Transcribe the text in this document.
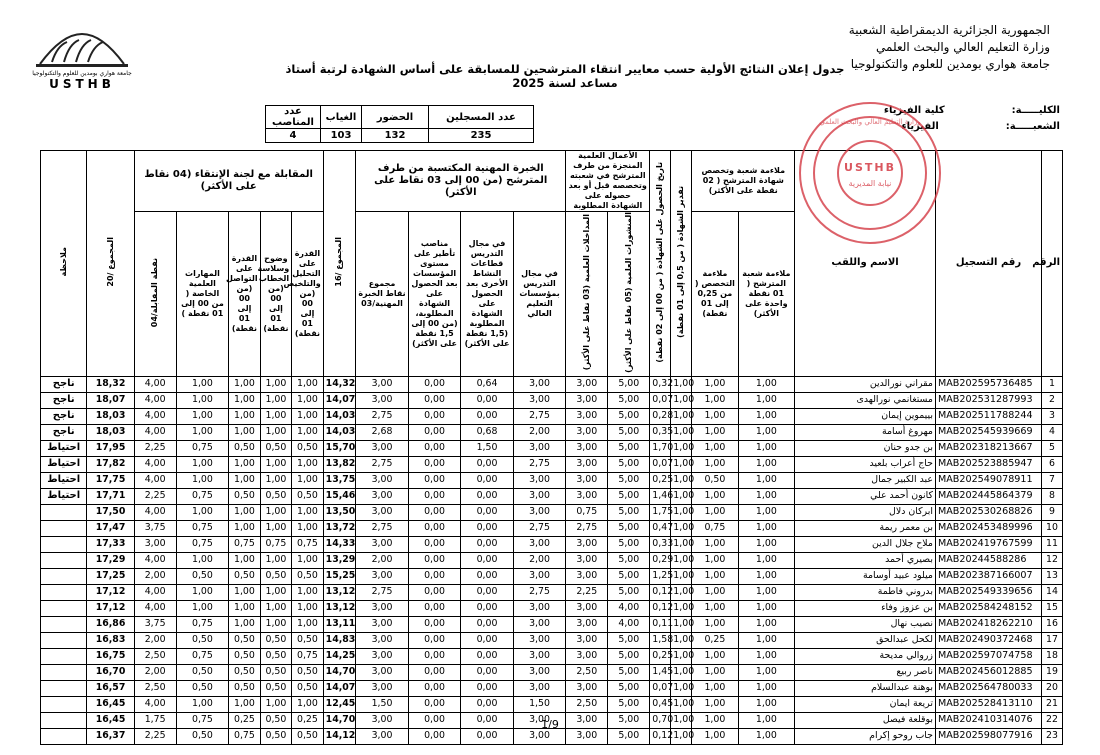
الجمهورية الجزائرية الديمقراطية الشعبية
وزارة التعليم العالي والبحث العلمي
جامعة هواري بومدين للعلوم والتكنولوجيا
جامعة هواري بومدين للعلوم والتكنولوجيا
USTHB
جدول إعلان النتائج الأولية حسب معايير انتقاء المترشحين للمسابقة على أساس الشهادة لرتبة أستاذ مساعد لسنة 2025
عدد المناصب	الغياب	الحضور	عدد المسجلين
4	103	132	235
الكليـــــة:  كلية الفيزياء
الشعبـــــة:  الفيزياء
الرقم	رقم التسجيل	الاسم واللقب	ملاءمة شعبة وتخصص شهادة المترشح ( 02 نقطة على الأكثر)		تقدير الشهادة ( من 0,5 إلى 01 نقطة)	تاريخ الحصول على الشهادة ( من 00 إلى 02 نقطة)	الأعمال العلمية المنجزة من طرف المترشح في شعبته وتخصصه قبل أو بعد حصوله على الشهادة المطلوبة		الخبرة المهنية المكتسبة من طرف المترشح (من 00 إلى 03 نقاط على الأكثر)				المجموع /16	المقابلة مع لجنة الإنتقاء (04 نقاط على الأكثر)					المجموع /20	ملاحظة
			ملاءمة شعبة المترشح ( 01 نقطة واحدة على الأكثر)	ملاءمة التخصص ( من 0,25 إلى 01 نقطة)			المنشورات العلمية (05 نقاط على الأكثر)	المداخلات العلمية (03 نقاط على الأكثر)	في مجال التدريس بمؤسسات التعليم العالي	في مجال التدريس قطاعات النشاط الأخرى بعد الحصول على الشهادة المطلوبة (1,5 نقطة على الأكثر)	مناصب تأطير على مستوى المؤسسات بعد الحصول على الشهادة المطلوبة، (من 00 إلى 1,5 نقطة على الأكثر)	مجموع نقاط الخبرة المهنية/03		القدرة على التحليل والتلخيص (من 00 إلى 01 نقطة)	وضوح وسلاسة الخطاب (من 00 إلى 01 نقطة)	القدرة على التواصل (من 00 إلى 01 نقطة)	المهارات العلمية الخاصة ( من 00 إلى 01 نقطة )	نقطة المقابلة/04		
1	MAB202595736485	مقراني نورالدين	1,00	1,00	1,00	0,32	5,00	3,00	3,00	0,64	0,00	3,00	14,32	1,00	1,00	1,00	1,00	4,00	18,32	ناجح
2	MAB202531287993	مستغانمي نورالهدى	1,00	1,00	1,00	0,07	5,00	3,00	3,00	0,00	0,00	3,00	14,07	1,00	1,00	1,00	1,00	4,00	18,07	ناجح
3	MAB202511788244	بييموين إيمان	1,00	1,00	1,00	0,28	5,00	3,00	2,75	0,00	0,00	2,75	14,03	1,00	1,00	1,00	1,00	4,00	18,03	ناجح
4	MAB202545939669	مهروغ أسامة	1,00	1,00	1,00	0,35	5,00	3,00	2,00	0,68	0,00	2,68	14,03	1,00	1,00	1,00	1,00	4,00	18,03	ناجح
5	MAB202318213667	بن جدو حنان	1,00	1,00	1,00	1,70	5,00	3,00	3,00	1,50	0,00	3,00	15,70	0,50	0,50	0,50	0,75	2,25	17,95	احتياط
6	MAB202523885947	حاج أعراب بلعيد	1,00	1,00	1,00	0,07	5,00	3,00	2,75	0,00	0,00	2,75	13,82	1,00	1,00	1,00	1,00	4,00	17,82	احتياط
7	MAB202549078911	عبد الكبير جمال	1,00	0,50	1,00	0,25	5,00	3,00	3,00	0,00	0,00	3,00	13,75	1,00	1,00	1,00	1,00	4,00	17,75	احتياط
8	MAB202445864379	كانون أحمد علي	1,00	1,00	1,00	1,46	5,00	3,00	3,00	0,00	0,00	3,00	15,46	0,50	0,50	0,50	0,75	2,25	17,71	احتياط
9	MAB202530268826	ابركان دلال	1,00	1,00	1,00	1,75	5,00	0,75	3,00	0,00	0,00	3,00	13,50	1,00	1,00	1,00	1,00	4,00	17,50	
10	MAB202453489996	بن معمر ريمة	1,00	0,75	1,00	0,47	5,00	2,75	2,75	0,00	0,00	2,75	13,72	1,00	1,00	1,00	0,75	3,75	17,47	
11	MAB202419767599	ملاح جلال الدين	1,00	1,00	1,00	0,33	5,00	3,00	3,00	0,00	0,00	3,00	14,33	0,75	0,75	0,75	0,75	3,00	17,33	
12	MAB20244588286	بصيري أحمد	1,00	1,00	1,00	0,29	5,00	3,00	2,00	0,00	0,00	2,00	13,29	1,00	1,00	1,00	1,00	4,00	17,29	
13	MAB202387166007	ميلود عبيد أوسامة	1,00	1,00	1,00	1,25	5,00	3,00	3,00	0,00	0,00	3,00	15,25	0,50	0,50	0,50	0,50	2,00	17,25	
14	MAB202549339656	بدروني فاطمة	1,00	1,00	1,00	0,12	5,00	2,25	2,75	0,00	0,00	2,75	13,12	1,00	1,00	1,00	1,00	4,00	17,12	
15	MAB202584248152	بن عزوز وفاء	1,00	1,00	1,00	0,12	4,00	3,00	3,00	0,00	0,00	3,00	13,12	1,00	1,00	1,00	1,00	4,00	17,12	
16	MAB202418262210	نصيب نهال	1,00	1,00	1,00	0,11	4,00	3,00	3,00	0,00	0,00	3,00	13,11	1,00	1,00	1,00	0,75	3,75	16,86	
17	MAB202490372468	لكحل عبدالحق	1,00	0,25	1,00	1,58	5,00	3,00	3,00	0,00	0,00	3,00	14,83	0,50	0,50	0,50	0,50	2,00	16,83	
18	MAB202597074758	زروالي مديحة	1,00	1,00	1,00	0,25	5,00	3,00	3,00	0,00	0,00	3,00	14,25	0,75	0,50	0,50	0,75	2,50	16,75	
19	MAB202456012885	ناصر ربيع	1,00	1,00	1,00	1,45	5,00	2,50	3,00	0,00	0,00	3,00	14,70	0,50	0,50	0,50	0,50	2,00	16,70	
20	MAB202564780033	بوهنة عبدالسلام	1,00	1,00	1,00	0,07	5,00	3,00	3,00	0,00	0,00	3,00	14,07	0,50	0,50	0,50	0,50	2,50	16,57	
21	MAB202528413110	تريعة ايمان	1,00	1,00	1,00	0,45	5,00	2,50	1,50	0,00	0,00	1,50	12,45	1,00	1,00	1,00	1,00	4,00	16,45	
22	MAB202410314076	بوقلعة فيصل	1,00	1,00	1,00	0,70	5,00	3,00	3,00	0,00	0,00	3,00	14,70	0,25	0,50	0,25	0,75	1,75	16,45	
23	MAB202598077916	جاب روحو إكرام	1,00	1,00	1,00	0,12	5,00	3,00	3,00	0,00	0,00	3,00	14,12	0,50	0,50	0,75	0,50	2,25	16,37	
USTHB
نيابة المديرية
وزارة التعليم العالي والبحث العلمي
1/9
